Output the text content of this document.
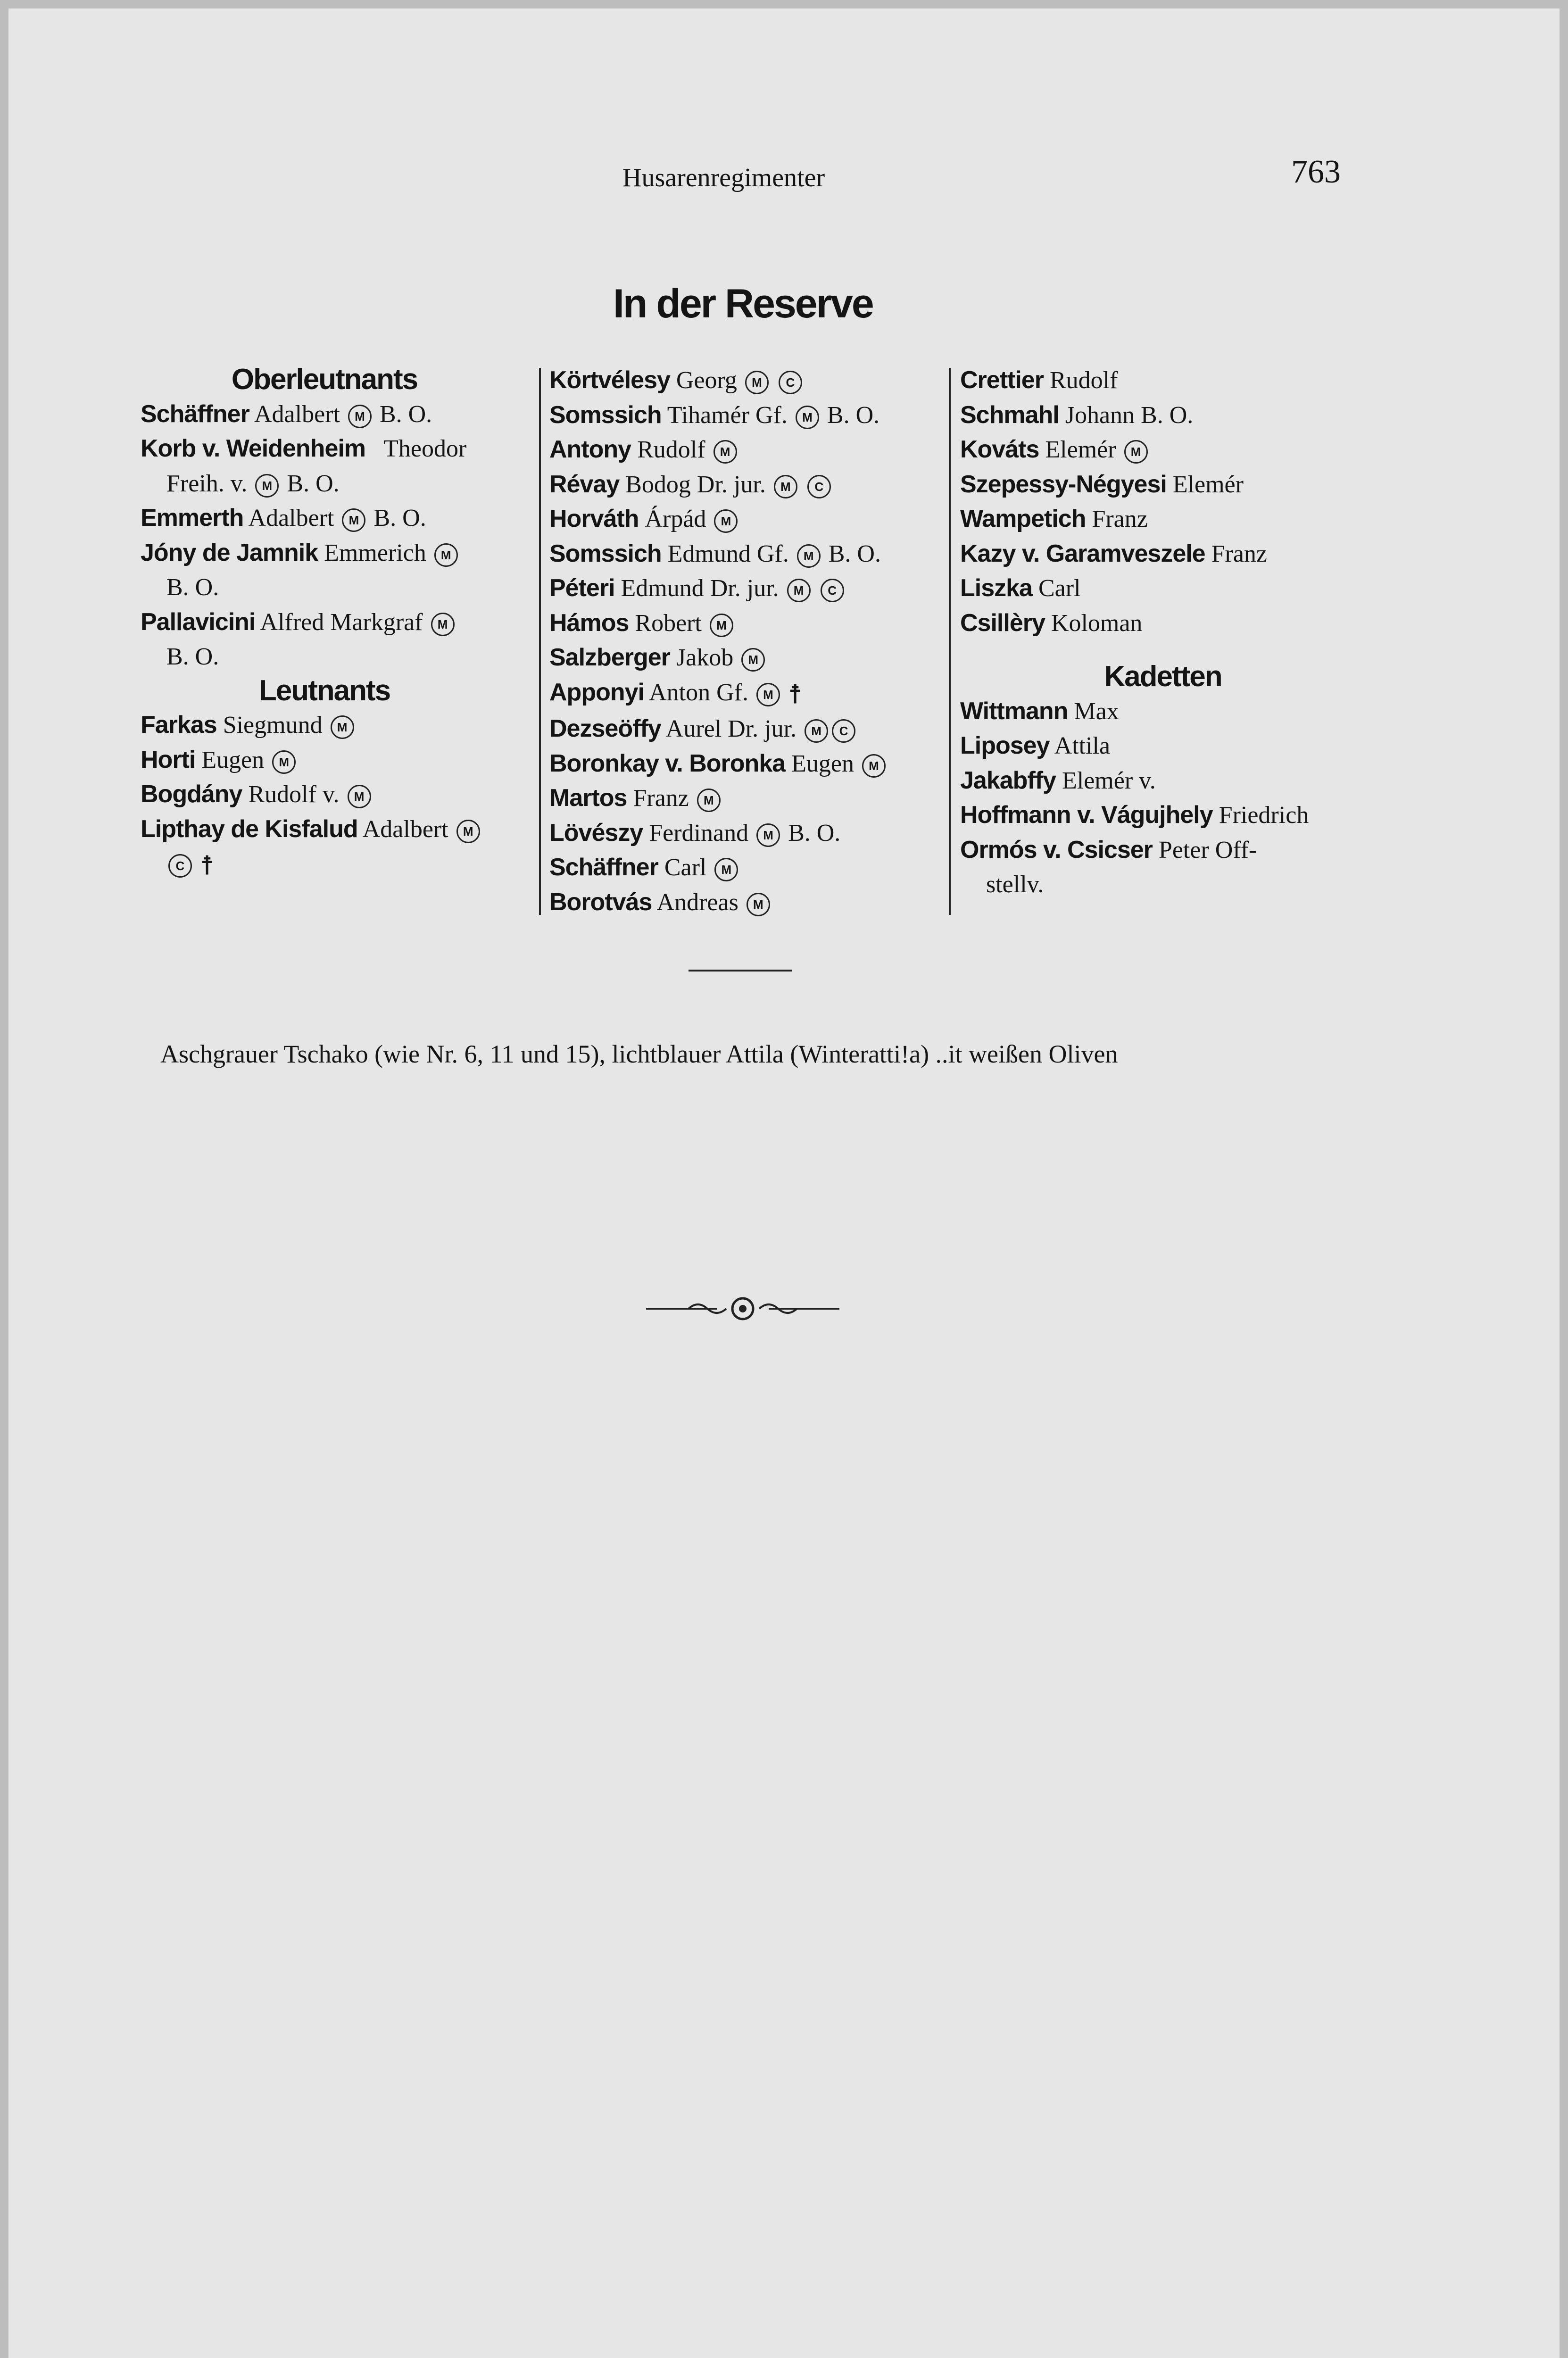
Husarenregimenter	763
In der Reserve
Oberleutnants
Schäffner Adalbert M B. O.
Korb v. Weidenheim Theodor
Freih. v. M B. O.
Emmerth Adalbert M B. O.
Jóny de Jamnik Emmerich M
B. O.
Pallavicini Alfred Markgraf M
B. O.
Leutnants
Farkas Siegmund M
Horti Eugen M
Bogdány Rudolf v. M
Lipthay de Kisfalud Adalbert M
C ☨
Körtvélesy Georg M C
Somssich Tihamér Gf. M B. O.
Antony Rudolf M
Révay Bodog Dr. jur. M C
Horváth Árpád M
Somssich Edmund Gf. M B. O.
Péteri Edmund Dr. jur. M C
Hámos Robert M
Salzberger Jakob M
Apponyi Anton Gf. M ☨
Dezseöffy Aurel Dr. jur. M C
Boronkay v. Boronka Eugen M
Martos Franz M
Lövészy Ferdinand M B. O.
Schäffner Carl M
Borotvás Andreas M
Crettier Rudolf
Schmahl Johann B. O.
Kováts Elemér M
Szepessy-Négyesi Elemér
Wampetich Franz
Kazy v. Garamveszele Franz
Liszka Carl
Csillèry Koloman
Kadetten
Wittmann Max
Liposey Attila
Jakabffy Elemér v.
Hoffmann v. Vágujhely Friedrich
Ormós v. Csicser Peter Off-
stellv.
Aschgrauer Tschako (wie Nr. 6, 11 und 15), lichtblauer Attila (Winteratti!a) ..it weißen Oliven
